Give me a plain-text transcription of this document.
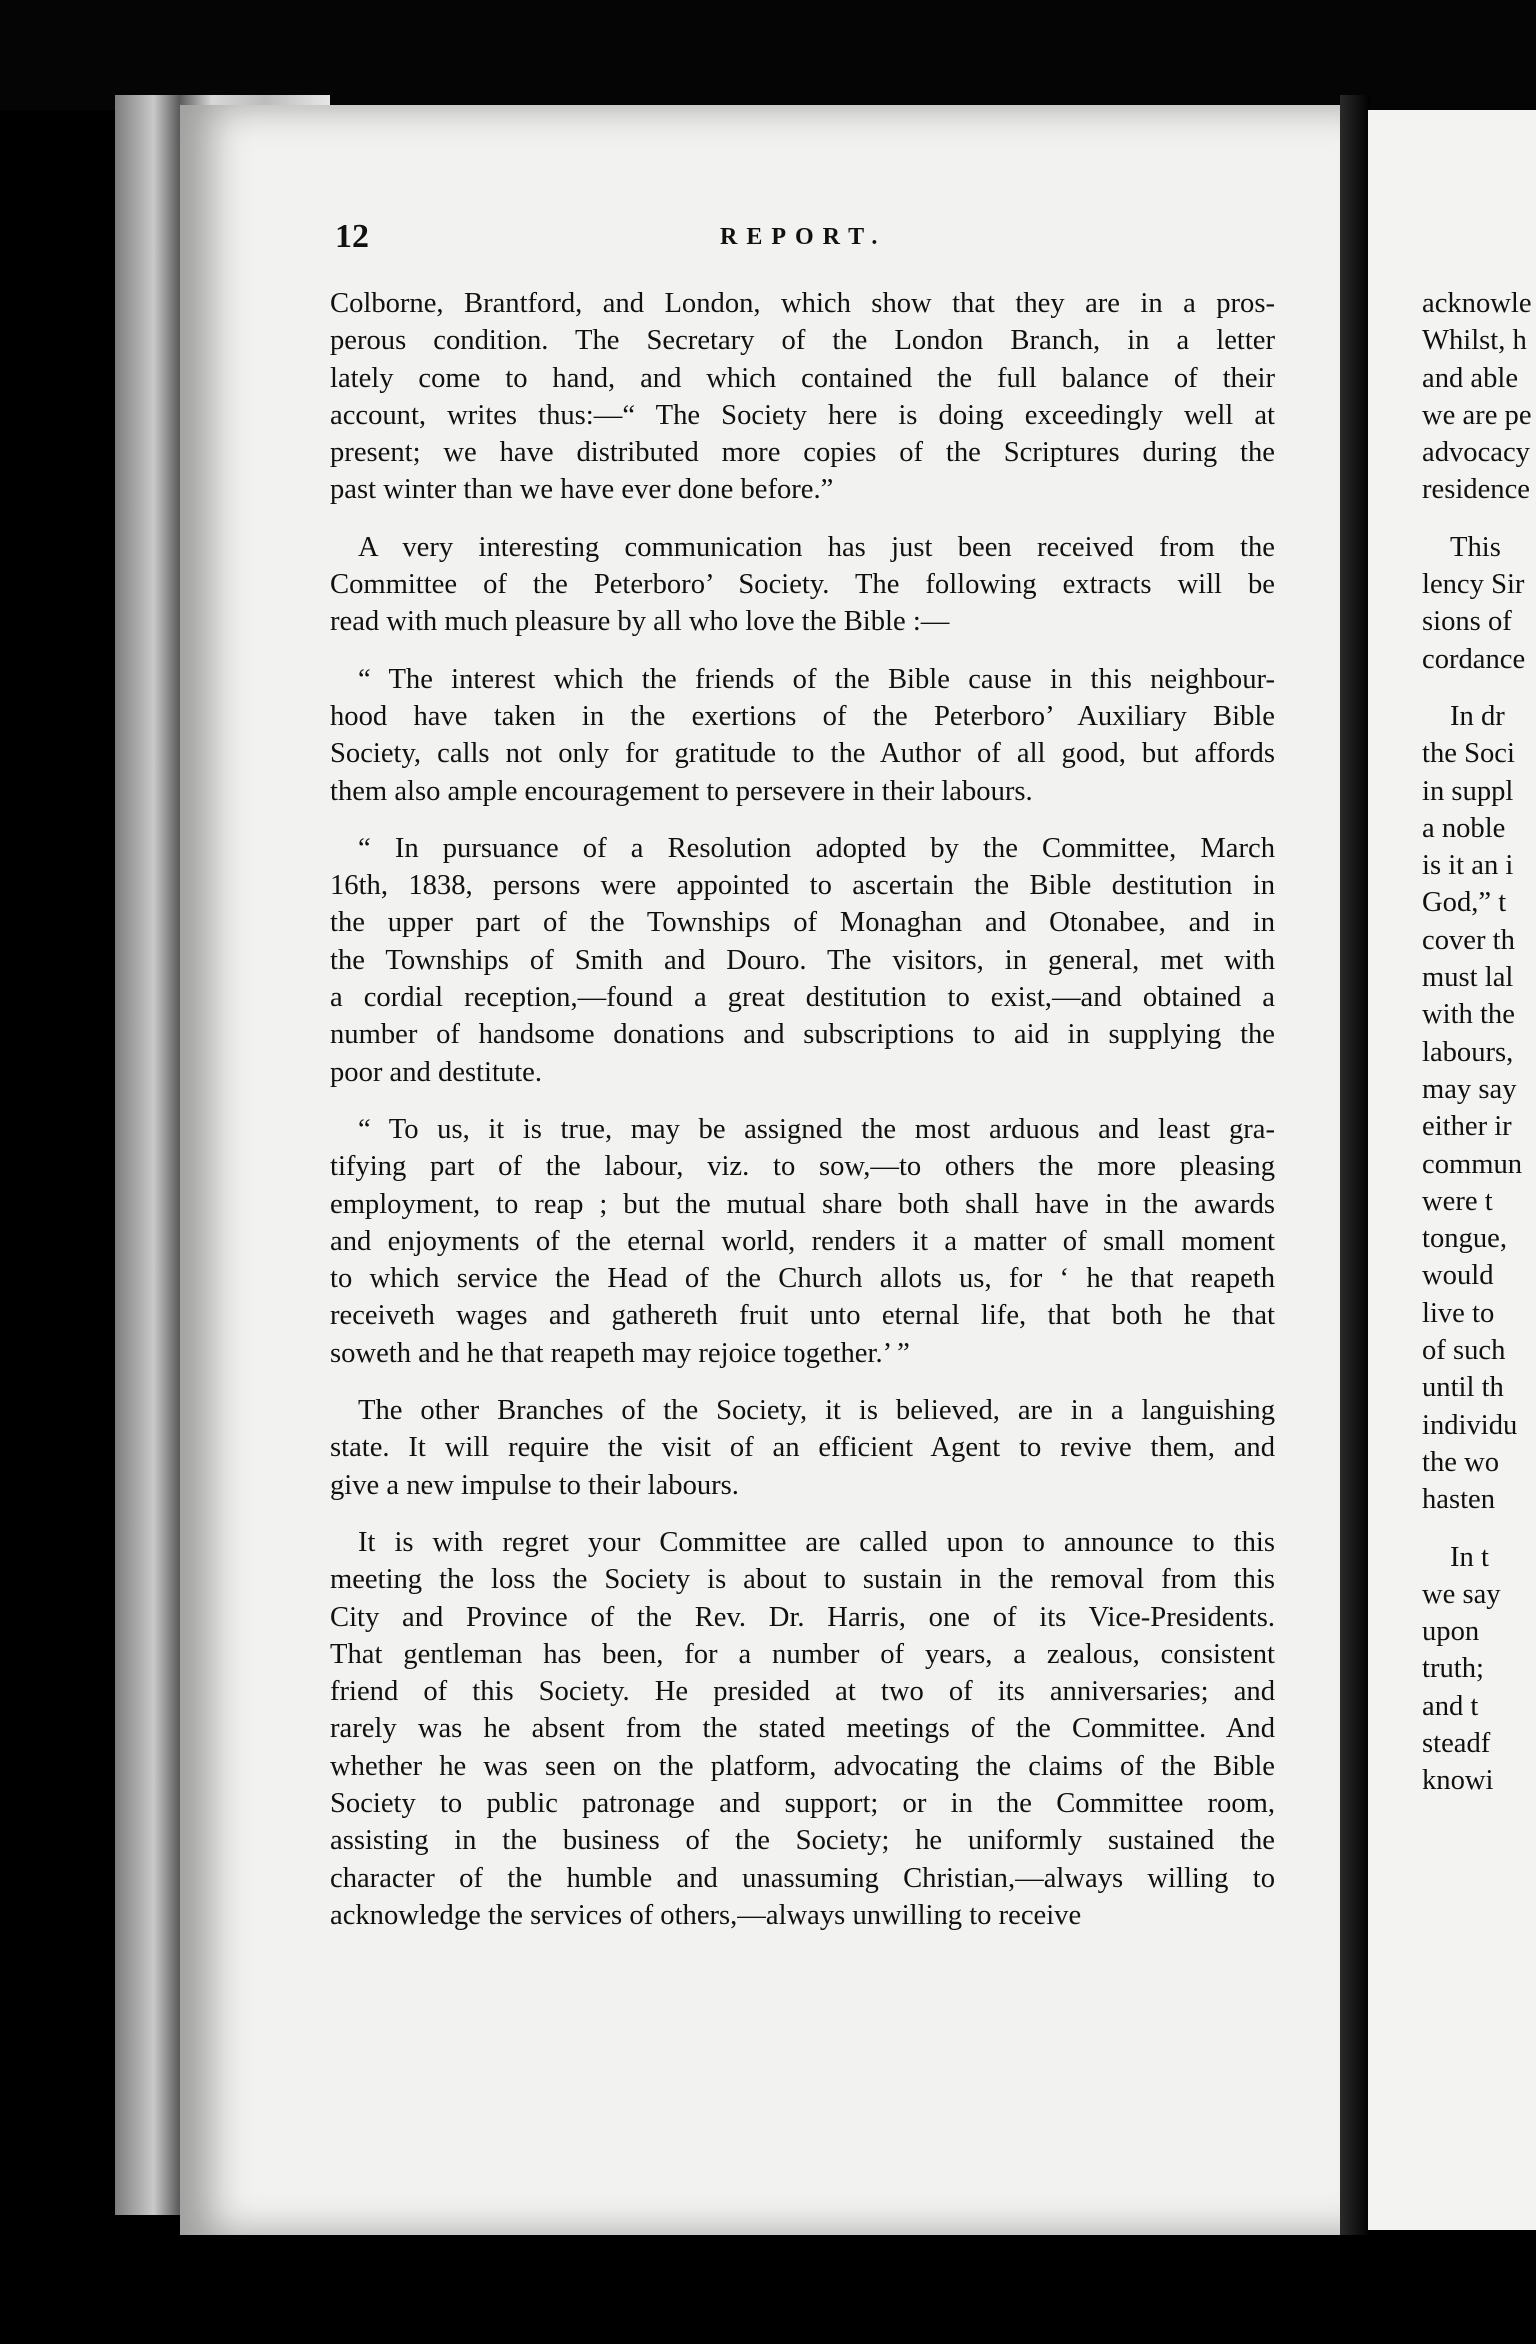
12	REPORT.
Colborne, Brantford, and London, which show that they are in a pros-
perous condition. The Secretary of the London Branch, in a letter
lately come to hand, and which contained the full balance of their
account, writes thus:—“ The Society here is doing exceedingly well at
present; we have distributed more copies of the Scriptures during the
past winter than we have ever done before.”
A very interesting communication has just been received from the
Committee of the Peterboro’ Society. The following extracts will be
read with much pleasure by all who love the Bible :—
“ The interest which the friends of the Bible cause in this neighbour-
hood have taken in the exertions of the Peterboro’ Auxiliary Bible
Society, calls not only for gratitude to the Author of all good, but affords
them also ample encouragement to persevere in their labours.
“ In pursuance of a Resolution adopted by the Committee, March
16th, 1838, persons were appointed to ascertain the Bible destitution in
the upper part of the Townships of Monaghan and Otonabee, and in
the Townships of Smith and Douro. The visitors, in general, met with
a cordial reception,—found a great destitution to exist,—and obtained a
number of handsome donations and subscriptions to aid in supplying the
poor and destitute.
“ To us, it is true, may be assigned the most arduous and least gra-
tifying part of the labour, viz. to sow,—to others the more pleasing
employment, to reap ; but the mutual share both shall have in the awards
and enjoyments of the eternal world, renders it a matter of small moment
to which service the Head of the Church allots us, for ‘ he that reapeth
receiveth wages and gathereth fruit unto eternal life, that both he that
soweth and he that reapeth may rejoice together.’ ”
The other Branches of the Society, it is believed, are in a languishing
state. It will require the visit of an efficient Agent to revive them, and
give a new impulse to their labours.
It is with regret your Committee are called upon to announce to this
meeting the loss the Society is about to sustain in the removal from this
City and Province of the Rev. Dr. Harris, one of its Vice-Presidents.
That gentleman has been, for a number of years, a zealous, consistent
friend of this Society. He presided at two of its anniversaries; and
rarely was he absent from the stated meetings of the Committee. And
whether he was seen on the platform, advocating the claims of the Bible
Society to public patronage and support; or in the Committee room,
assisting in the business of the Society; he uniformly sustained the
character of the humble and unassuming Christian,—always willing to
acknowledge the services of others,—always unwilling to receive
acknowle
Whilst, h
and able
we are pe
advocacy
residence
This
lency Sir
sions of
cordance
In dr
the Soci
in suppl
a noble
is it an i
God,” t
cover th
must lal
with the
labours,
may say
either ir
commun
were t
tongue,
would
live to
of such
until th
individu
the wo
hasten
In t
we say
upon
truth;
and t
steadf
knowi
